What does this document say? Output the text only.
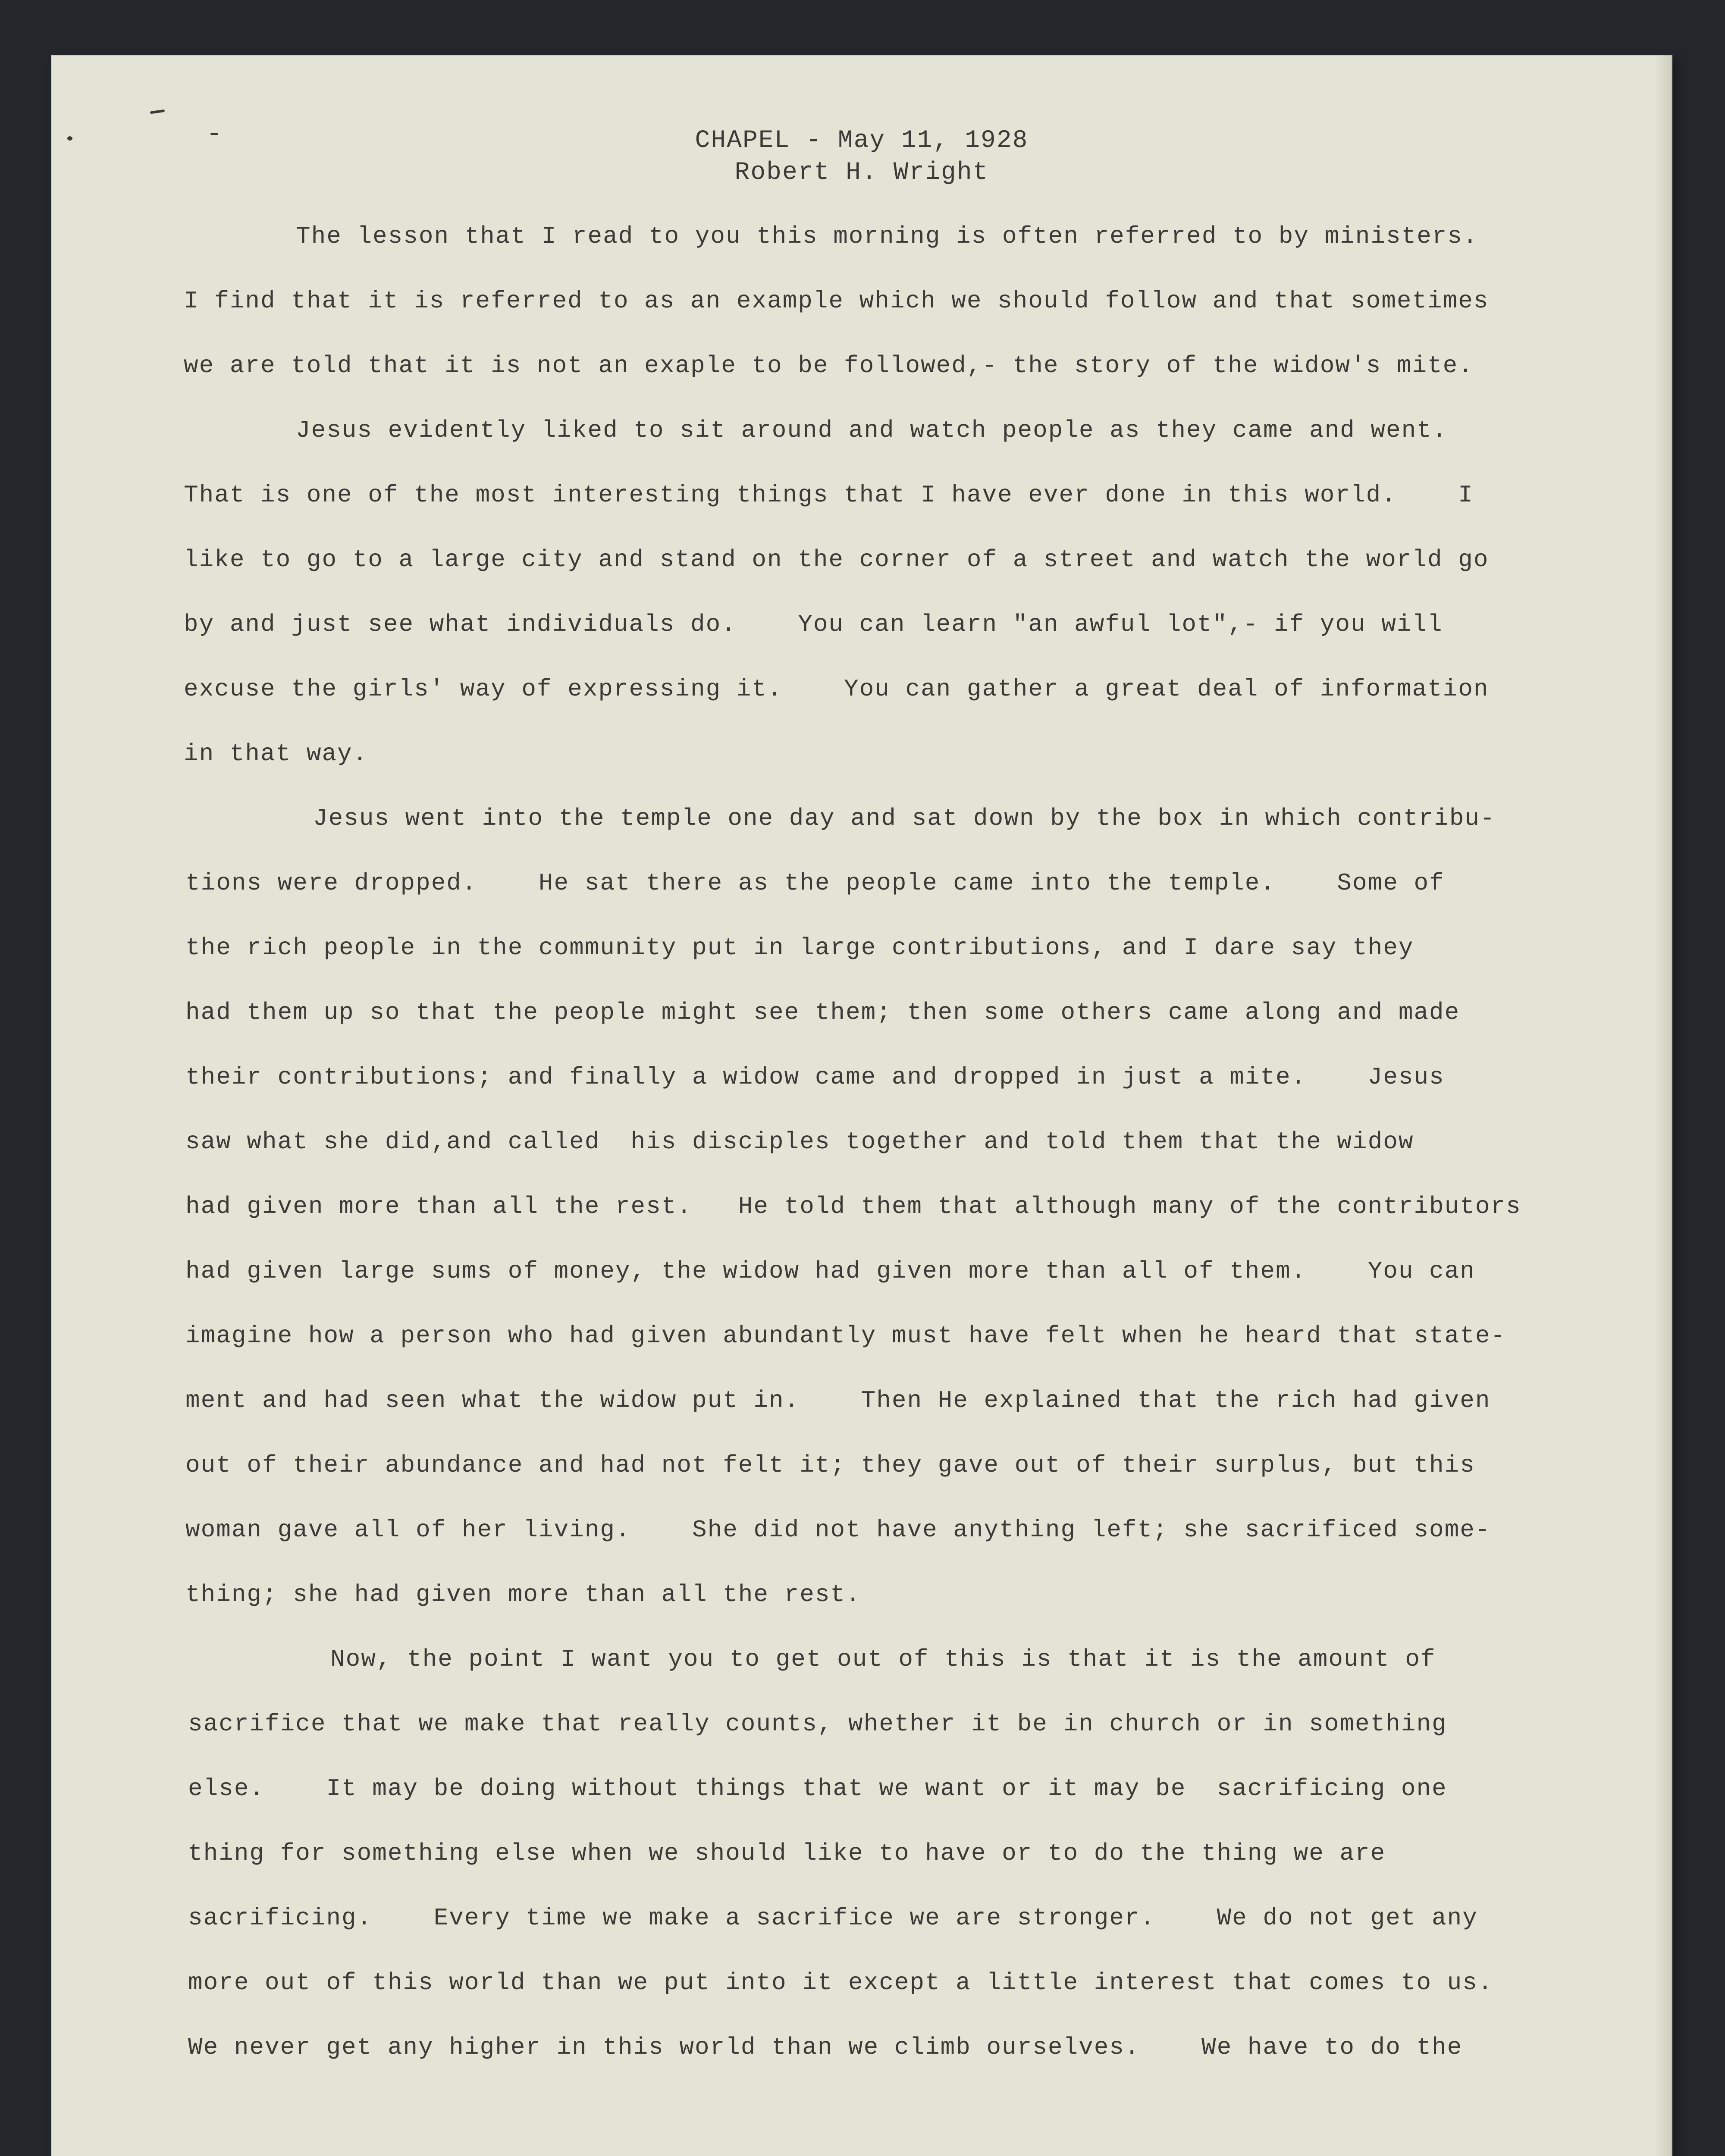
CHAPEL - May 11, 1928
Robert H. Wright
The lesson that I read to you this morning is often referred to by ministers.
I find that it is referred to as an example which we should follow and that sometimes
we are told that it is not an exaple to be followed,- the story of the widow's mite.
Jesus evidently liked to sit around and watch people as they came and went.
That is one of the most interesting things that I have ever done in this world.    I
like to go to a large city and stand on the corner of a street and watch the world go
by and just see what individuals do.    You can learn "an awful lot",- if you will
excuse the girls' way of expressing it.    You can gather a great deal of information
in that way.
Jesus went into the temple one day and sat down by the box in which contribu-
tions were dropped.    He sat there as the people came into the temple.    Some of
the rich people in the community put in large contributions, and I dare say they
had them up so that the people might see them; then some others came along and made
their contributions; and finally a widow came and dropped in just a mite.    Jesus
saw what she did,and called  his disciples together and told them that the widow
had given more than all the rest.   He told them that although many of the contributors
had given large sums of money, the widow had given more than all of them.    You can
imagine how a person who had given abundantly must have felt when he heard that state-
ment and had seen what the widow put in.    Then He explained that the rich had given
out of their abundance and had not felt it; they gave out of their surplus, but this
woman gave all of her living.    She did not have anything left; she sacrificed some-
thing; she had given more than all the rest.
Now, the point I want you to get out of this is that it is the amount of
sacrifice that we make that really counts, whether it be in church or in something
else.    It may be doing without things that we want or it may be  sacrificing one
thing for something else when we should like to have or to do the thing we are
sacrificing.    Every time we make a sacrifice we are stronger.    We do not get any
more out of this world than we put into it except a little interest that comes to us.
We never get any higher in this world than we climb ourselves.    We have to do the
